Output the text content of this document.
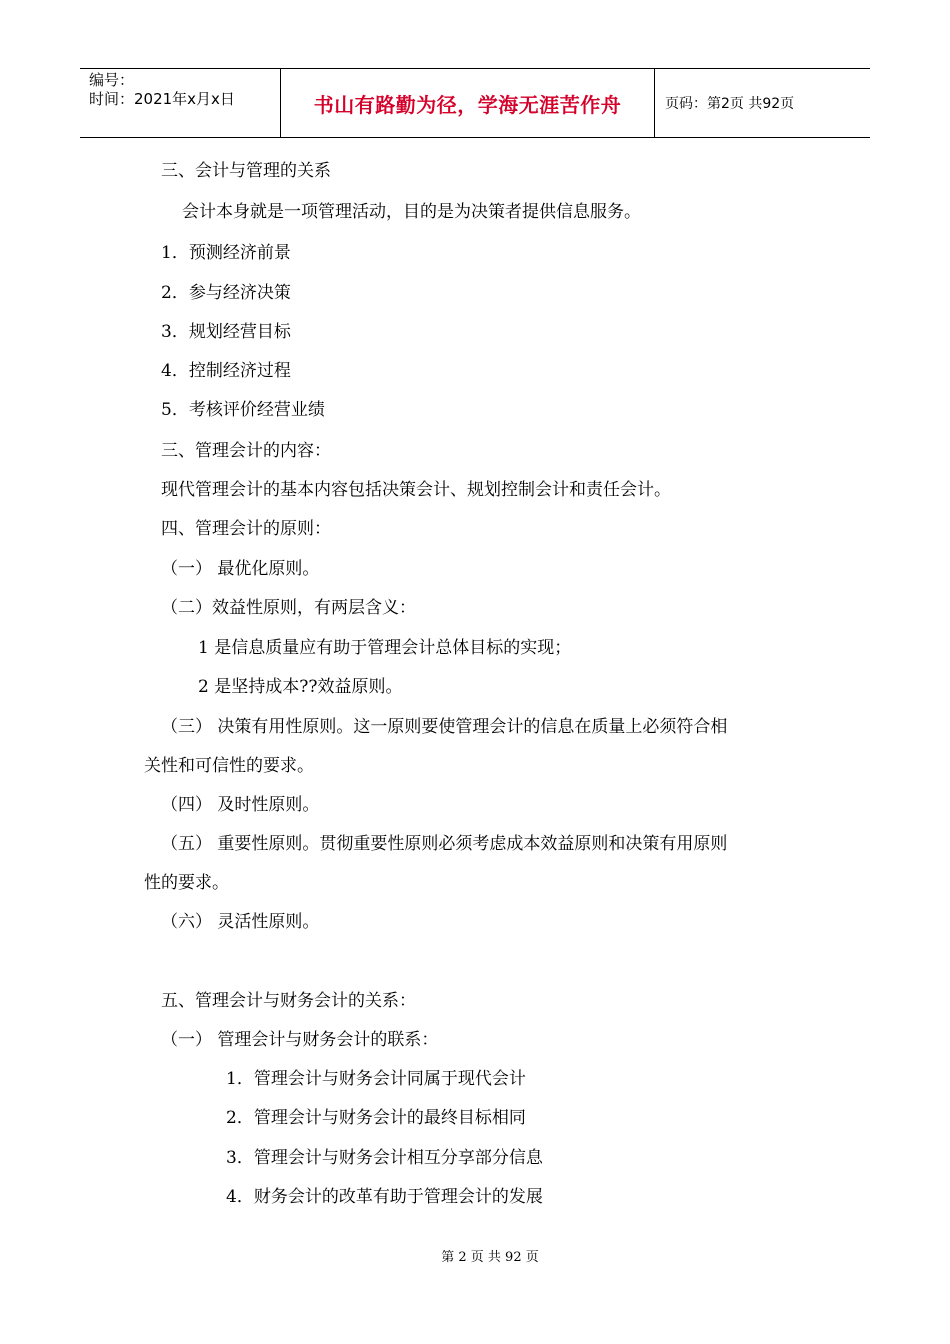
编号：
时间：2021年x月x日	书山有路勤为径，学海无涯苦作舟	页码：第2页 共92页
三、会计与管理的关系
会计本身就是一项管理活动，目的是为决策者提供信息服务。
1．预测经济前景
2．参与经济决策
3．规划经营目标
4．控制经济过程
5．考核评价经营业绩
三、管理会计的内容：
现代管理会计的基本内容包括决策会计、规划控制会计和责任会计。
四、管理会计的原则：
（一） 最优化原则。
（二）效益性原则，有两层含义：
1 是信息质量应有助于管理会计总体目标的实现；
2 是坚持成本??效益原则。
（三） 决策有用性原则。这一原则要使管理会计的信息在质量上必须符合相
关性和可信性的要求。
（四） 及时性原则。
（五） 重要性原则。贯彻重要性原则必须考虑成本效益原则和决策有用原则
性的要求。
（六） 灵活性原则。
五、管理会计与财务会计的关系：
（一） 管理会计与财务会计的联系：
1．管理会计与财务会计同属于现代会计
2．管理会计与财务会计的最终目标相同
3．管理会计与财务会计相互分享部分信息
4．财务会计的改革有助于管理会计的发展
第 2 页 共 92 页
